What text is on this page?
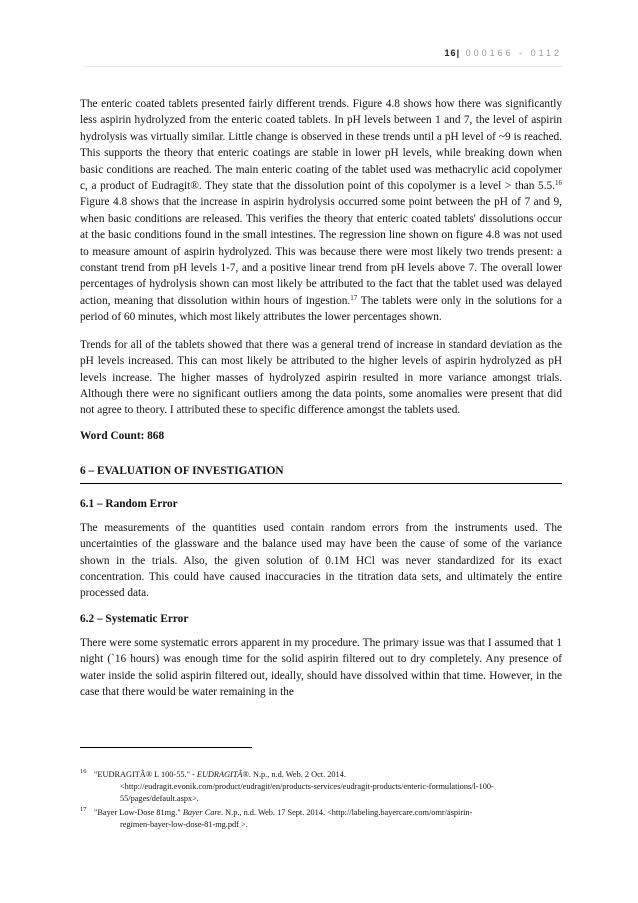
16| 000166 - 0112

The enteric coated tablets presented fairly different trends. Figure 4.8 shows how there was significantly less aspirin hydrolyzed from the enteric coated tablets. In pH levels between 1 and 7, the level of aspirin hydrolysis was virtually similar. Little change is observed in these trends until a pH level of ~9 is reached. This supports the theory that enteric coatings are stable in lower pH levels, while breaking down when basic conditions are reached. The main enteric coating of the tablet used was methacrylic acid copolymer c, a product of Eudragit®. They state that the dissolution point of this copolymer is a level > than 5.5.16 Figure 4.8 shows that the increase in aspirin hydrolysis occurred some point between the pH of 7 and 9, when basic conditions are released. This verifies the theory that enteric coated tablets' dissolutions occur at the basic conditions found in the small intestines. The regression line shown on figure 4.8 was not used to measure amount of aspirin hydrolyzed. This was because there were most likely two trends present: a constant trend from pH levels 1-7, and a positive linear trend from pH levels above 7. The overall lower percentages of hydrolysis shown can most likely be attributed to the fact that the tablet used was delayed action, meaning that dissolution within hours of ingestion.$^{17}$ The tablets were only in the solutions for a period of 60 minutes, which most likely attributes the lower percentages shown.

Trends for all of the tablets showed that there was a general trend of increase in standard deviation as the pH levels increased. This can most likely be attributed to the higher levels of aspirin hydrolyzed as pH levels increase. The higher masses of hydrolyzed aspirin resulted in more variance amongst trials. Although there were no significant outliers among the data points, some anomalies were present that did not agree to theory. I attributed these to specific difference amongst the tablets used.

Word Count: 868
6 – EVALUATION OF INVESTIGATION
6.1 – Random Error

The measurements of the quantities used contain random errors from the instruments used. The uncertainties of the glassware and the balance used may have been the cause of some of the variance shown in the trials. Also, the given solution of 0.1M HCl was never standardized for its exact concentration. This could have caused inaccuracies in the titration data sets, and ultimately the entire processed data.

6.2 – Systematic Error

There were some systematic errors apparent in my procedure. The primary issue was that I assumed that 1 night (`16 hours) was enough time for the solid aspirin filtered out to dry completely. Any presence of water inside the solid aspirin filtered out, ideally, should have dissolved within that time. However, in the case that there would be water remaining in the

16 "EUDRAGITÂ® L 100-55." - EUDRAGITÂ®. N.p., n.d. Web. 2 Oct. 2014.
<http://eudragit.evonik.com/product/eudragit/en/products-services/eudragit-products/enteric-formulations/l-100-55/pages/default.aspx>.
17 "Bayer Low-Dose 81mg." Bayer Care. N.p., n.d. Web. 17 Sept. 2014. <http://labeling.bayercare.com/omr/aspirin-
regimen-bayer-low-dose-81-mg.pdf >.
